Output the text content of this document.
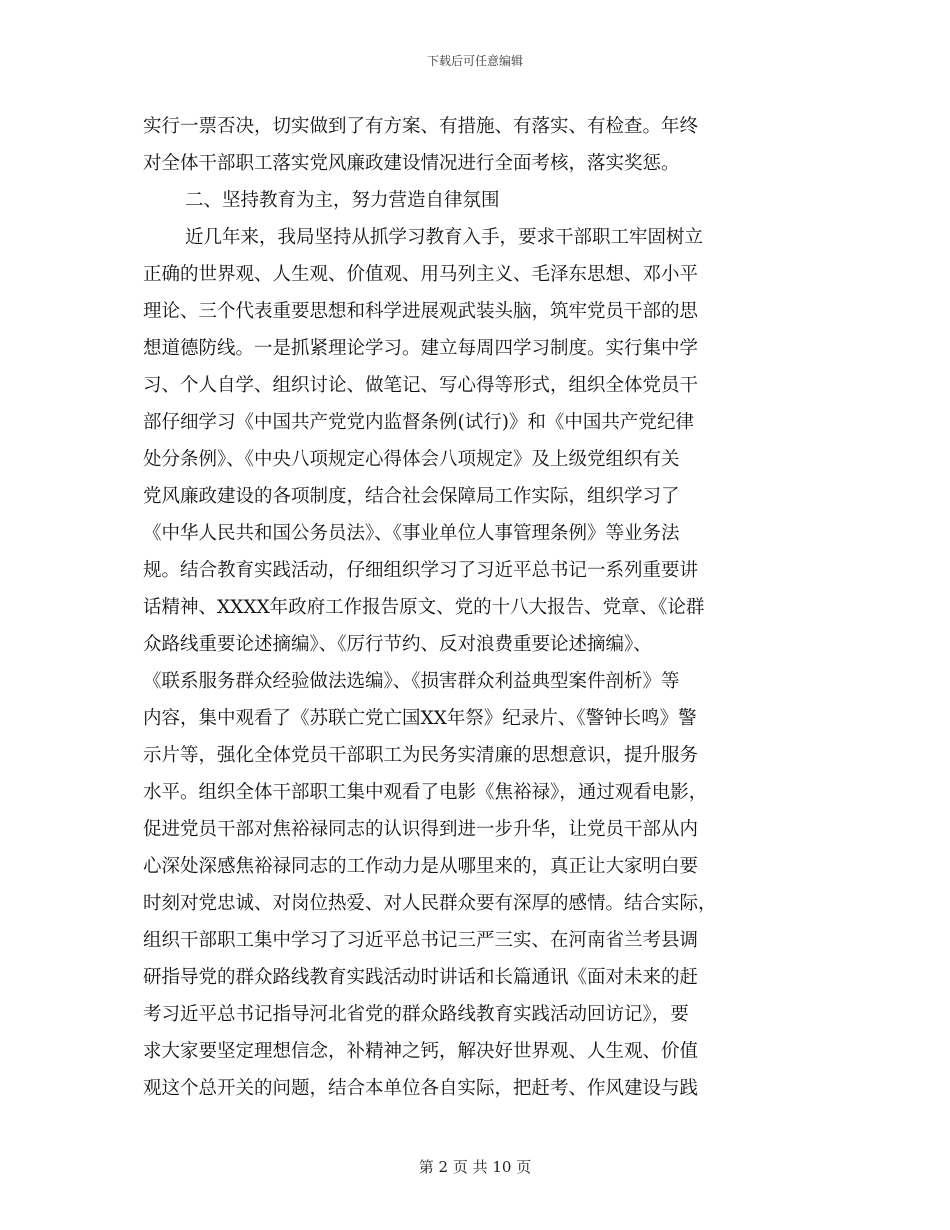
下载后可任意编辑
实行一票否决，切实做到了有方案、有措施、有落实、有检查。年终
对全体干部职工落实党风廉政建设情况进行全面考核，落实奖惩。
二、坚持教育为主，努力营造自律氛围
近几年来，我局坚持从抓学习教育入手，要求干部职工牢固树立
正确的世界观、人生观、价值观、用马列主义、毛泽东思想、邓小平
理论、三个代表重要思想和科学进展观武装头脑，筑牢党员干部的思
想道德防线。一是抓紧理论学习。建立每周四学习制度。实行集中学
习、个人自学、组织讨论、做笔记、写心得等形式，组织全体党员干
部仔细学习《中国共产党党内监督条例(试行)》和《中国共产党纪律
处分条例》、《中央八项规定心得体会八项规定》及上级党组织有关
党风廉政建设的各项制度，结合社会保障局工作实际，组织学习了
《中华人民共和国公务员法》、《事业单位人事管理条例》等业务法
规。结合教育实践活动，仔细组织学习了习近平总书记一系列重要讲
话精神、XXXX年政府工作报告原文、党的十八大报告、党章、《论群
众路线重要论述摘编》、《厉行节约、反对浪费重要论述摘编》、
《联系服务群众经验做法选编》、《损害群众利益典型案件剖析》等
内容，集中观看了《苏联亡党亡国XX年祭》纪录片、《警钟长鸣》警
示片等，强化全体党员干部职工为民务实清廉的思想意识，提升服务
水平。组织全体干部职工集中观看了电影《焦裕禄》，通过观看电影，
促进党员干部对焦裕禄同志的认识得到进一步升华，让党员干部从内
心深处深感焦裕禄同志的工作动力是从哪里来的，真正让大家明白要
时刻对党忠诚、对岗位热爱、对人民群众要有深厚的感情。结合实际，
组织干部职工集中学习了习近平总书记三严三实、在河南省兰考县调
研指导党的群众路线教育实践活动时讲话和长篇通讯《面对未来的赶
考习近平总书记指导河北省党的群众路线教育实践活动回访记》，要
求大家要坚定理想信念，补精神之钙，解决好世界观、人生观、价值
观这个总开关的问题，结合本单位各自实际，把赶考、作风建设与践
第 2 页 共 10 页
